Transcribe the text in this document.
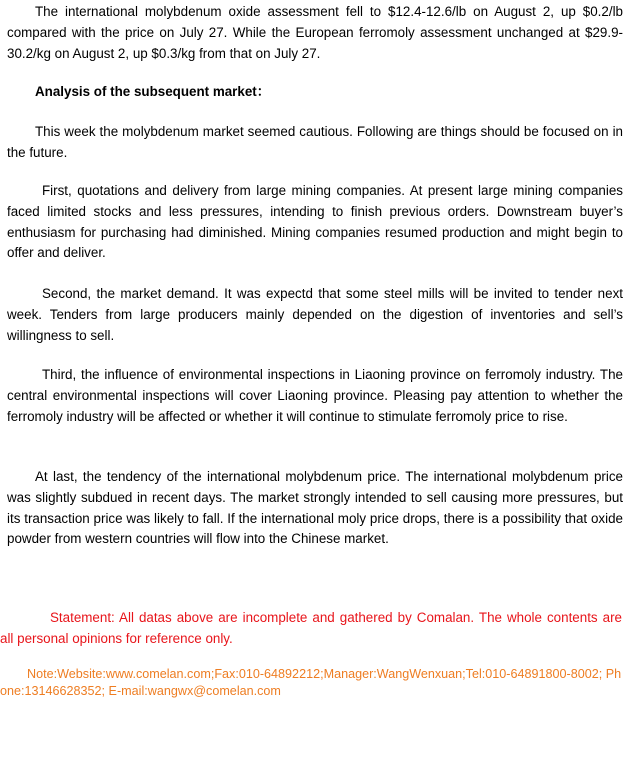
The international molybdenum oxide assessment fell to $12.4-12.6/lb on August 2, up $0.2/lb compared with the price on July 27. While the European ferromoly assessment unchanged at $29.9-30.2/kg on August 2, up $0.3/kg from that on July 27.

Analysis of the subsequent market：

This week the molybdenum market seemed cautious. Following are things should be focused on in the future.

First, quotations and delivery from large mining companies. At present large mining companies faced limited stocks and less pressures, intending to finish previous orders. Downstream buyer’s enthusiasm for purchasing had diminished. Mining companies resumed production and might begin to offer and deliver.

Second, the market demand. It was expectd that some steel mills will be invited to tender next week. Tenders from large producers mainly depended on the digestion of inventories and sell’s willingness to sell.

Third, the influence of environmental inspections in Liaoning province on ferromoly industry. The central environmental inspections will cover Liaoning province. Pleasing pay attention to whether the ferromoly industry will be affected or whether it will continue to stimulate ferromoly price to rise.

At last, the tendency of the international molybdenum price. The international molybdenum price was slightly subdued in recent days. The market strongly intended to sell causing more pressures, but its transaction price was likely to fall. If the international moly price drops, there is a possibility that oxide powder from western countries will flow into the Chinese market.

Statement: All datas above are incomplete and gathered by Comalan. The whole contents are all personal opinions for reference only.

Note:Website:www.comelan.com;Fax:010-64892212;Manager:WangWenxuan;Tel:010-64891800-8002; Phone:13146628352; E-mail:wangwx@comelan.com
